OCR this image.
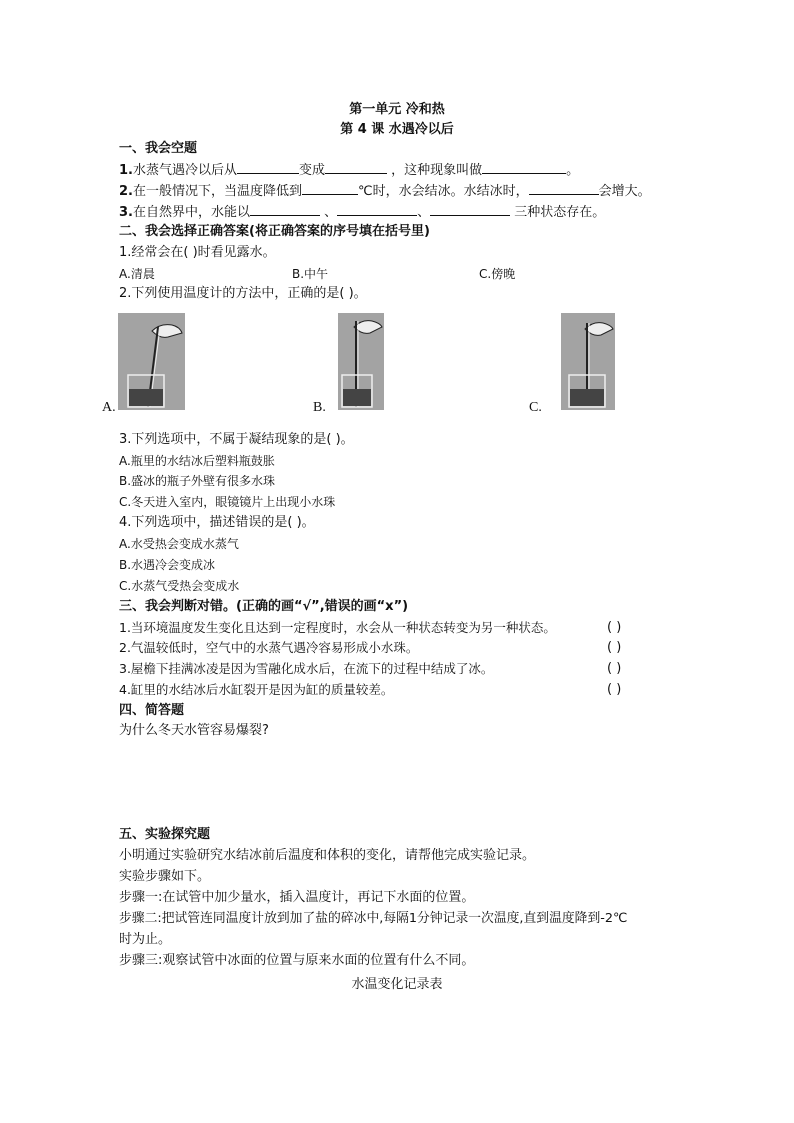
第一单元 冷和热
第 4 课 水遇冷以后
一、我会空题
1.水蒸气遇冷以后从	变成	，这种现象叫做	。
2.在一般情况下，当温度降低到	℃时，水会结冰。水结冰时，	会增大。
3.在自然界中，水能以	、	、	三种状态存在。
二、我会选择正确答案(将正确答案的序号填在括号里)
1.经常会在( )时看见露水。
A.清晨	B.中午	C.傍晚
2.下列使用温度计的方法中，正确的是( )。
A.	B.	C.
3.下列选项中，不属于凝结现象的是( )。
A.瓶里的水结冰后塑料瓶鼓胀
B.盛冰的瓶子外壁有很多水珠
C.冬天进入室内，眼镜镜片上出现小水珠
4.下列选项中，描述错误的是( )。
A.水受热会变成水蒸气
B.水遇冷会变成冰
C.水蒸气受热会变成水
三、我会判断对错。(正确的画“√”,错误的画“x”)
1.当环境温度发生变化且达到一定程度时，水会从一种状态转变为另一种状态。	( )
2.气温较低时，空气中的水蒸气遇冷容易形成小水珠。	( )
3.屋檐下挂满冰凌是因为雪融化成水后，在流下的过程中结成了冰。	( )
4.缸里的水结冰后水缸裂开是因为缸的质量较差。	( )
四、简答题
为什么冬天水管容易爆裂?
五、实验探究题
小明通过实验研究水结冰前后温度和体积的变化，请帮他完成实验记录。
实验步骤如下。
步骤一:在试管中加少量水，插入温度计，再记下水面的位置。
步骤二:把试管连同温度计放到加了盐的碎冰中,每隔1分钟记录一次温度,直到温度降到-2℃
时为止。
步骤三:观察试管中冰面的位置与原来水面的位置有什么不同。
水温变化记录表
